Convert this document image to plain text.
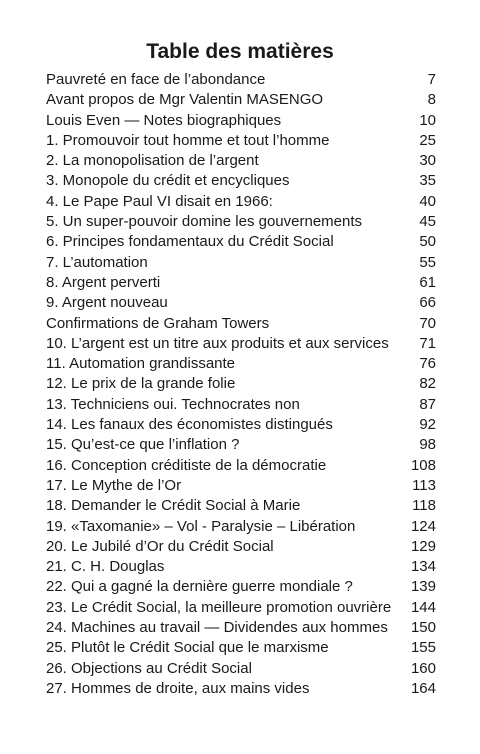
Table des matières
Pauvreté en face de l’abondance	7
Avant propos de Mgr Valentin MASENGO	8
Louis Even — Notes biographiques	10
1. Promouvoir tout homme et tout l’homme	25
2. La monopolisation de l’argent	30
3. Monopole du crédit et encycliques	35
4. Le Pape Paul VI disait en 1966:	40
5. Un super-pouvoir domine les gouvernements	45
6. Principes fondamentaux du Crédit Social	50
7. L’automation	55
8. Argent perverti	61
9. Argent nouveau	66
Confirmations de Graham Towers	70
10. L’argent est un titre aux produits et aux services	71
11. Automation grandissante	76
12. Le prix de la grande folie	82
13. Techniciens oui. Technocrates non	87
14. Les fanaux des économistes distingués	92
15. Qu’est-ce que l’inflation ?	98
16. Conception créditiste de la démocratie	108
17. Le Mythe de l’Or	113
18. Demander le Crédit Social à Marie	118
19. «Taxomanie» – Vol - Paralysie – Libération	124
20. Le Jubilé d’Or du Crédit Social	129
21. C. H. Douglas	134
22. Qui a gagné la dernière guerre mondiale ?	139
23. Le Crédit Social, la meilleure promotion ouvrière	144
24. Machines au travail — Dividendes aux hommes	150
25. Plutôt le Crédit Social que le marxisme	155
26. Objections au Crédit Social	160
27. Hommes de droite, aux mains vides	164
